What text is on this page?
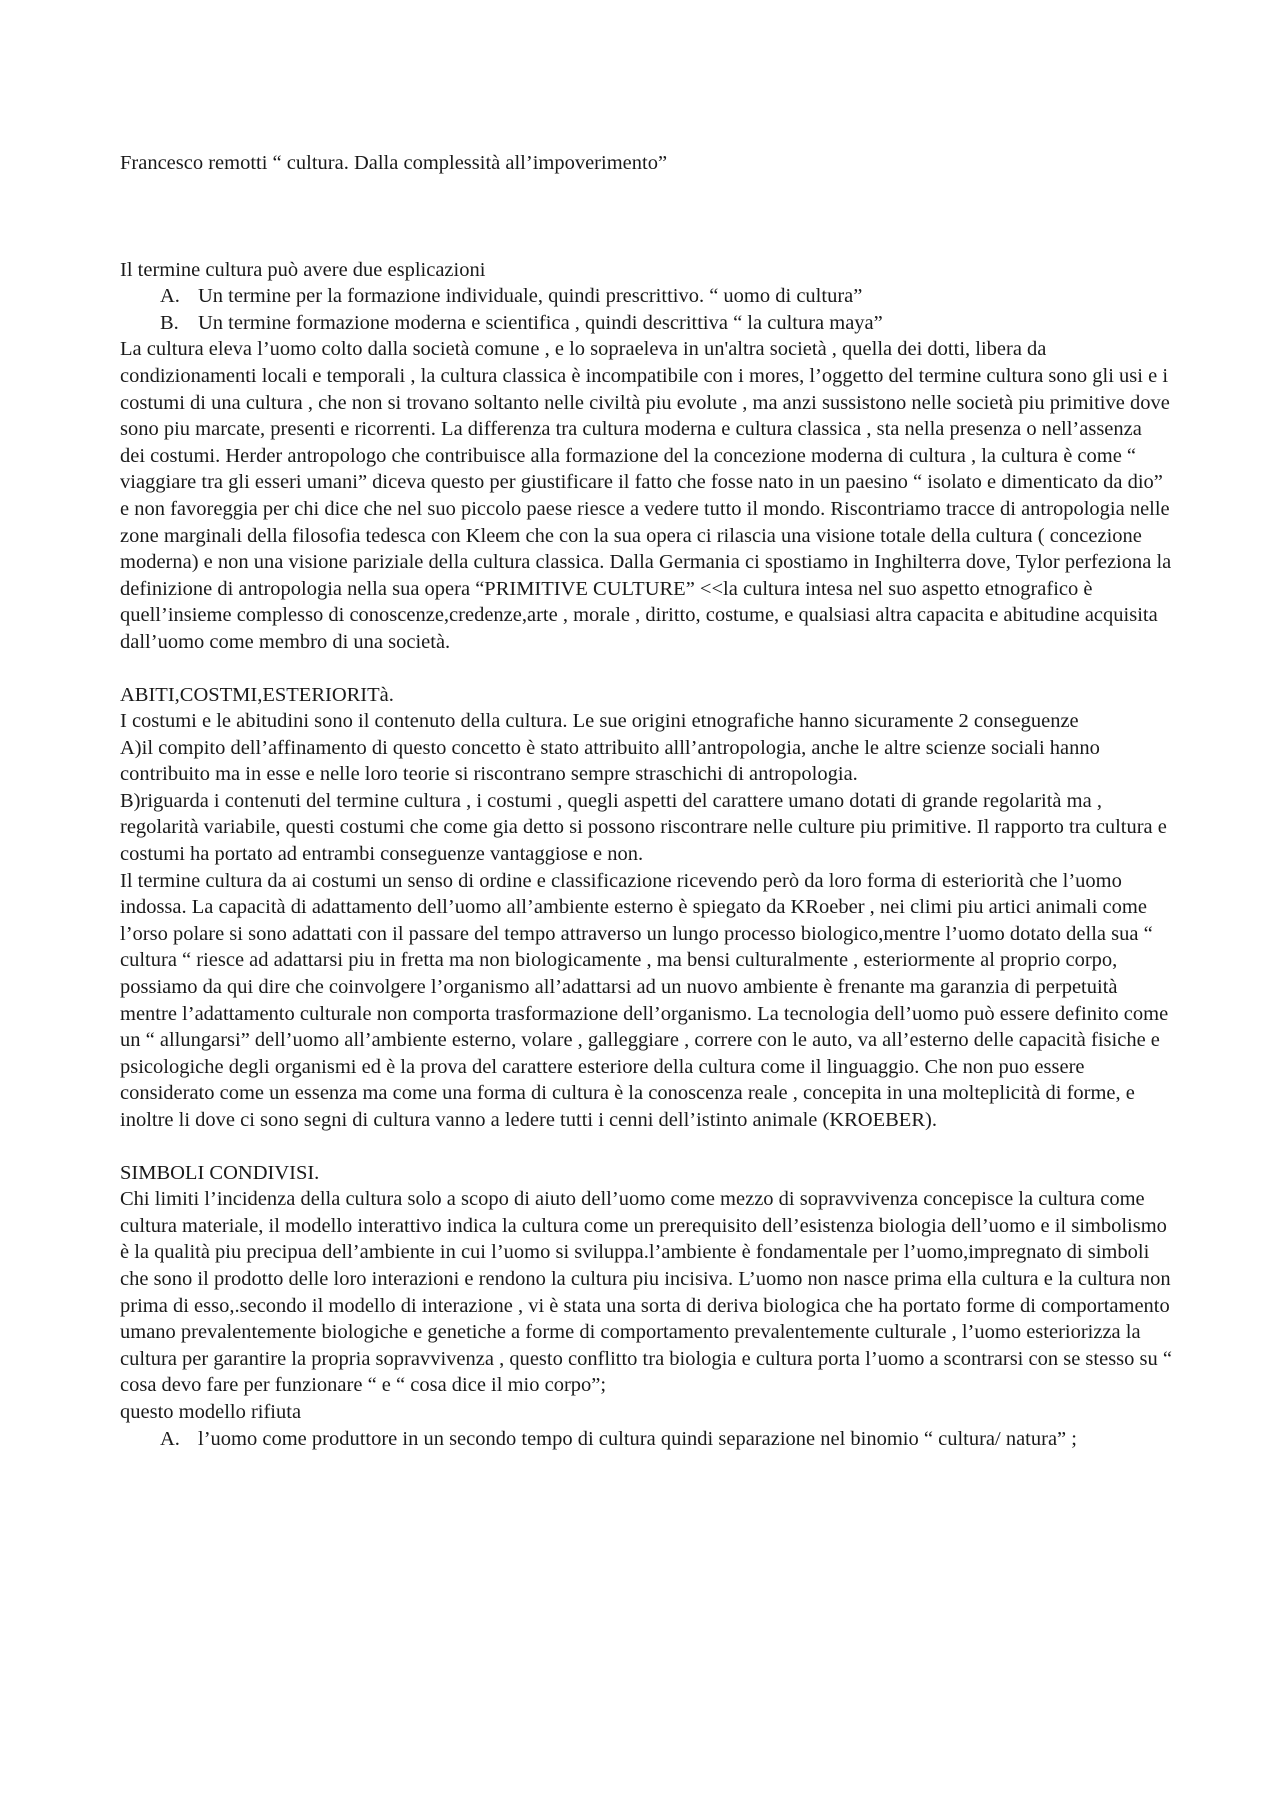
Francesco remotti “ cultura. Dalla complessità all’impoverimento”

Il termine cultura può avere due esplicazioni

A. Un termine per la formazione individuale, quindi prescrittivo. “ uomo di cultura”
B. Un termine formazione moderna e scientifica , quindi descrittiva “ la cultura maya”

La cultura eleva l’uomo colto dalla società comune , e lo sopraeleva in un'altra società , quella dei dotti, libera da condizionamenti locali e temporali , la cultura classica è incompatibile con i mores, l’oggetto del termine cultura sono gli usi e i costumi di una cultura , che non si trovano soltanto nelle civiltà piu evolute , ma anzi sussistono nelle società piu primitive dove sono piu marcate, presenti e ricorrenti. La differenza tra cultura moderna e cultura classica , sta nella presenza o nell’assenza dei costumi. Herder antropologo che contribuisce alla formazione del la concezione moderna di cultura , la cultura è come “ viaggiare tra gli esseri umani” diceva questo per giustificare il fatto che fosse nato in un paesino “ isolato e dimenticato da dio” e non favoreggia per chi dice che nel suo piccolo paese riesce a vedere tutto il mondo. Riscontriamo tracce di antropologia nelle zone marginali della filosofia tedesca con Kleem che con la sua opera ci rilascia una visione totale della cultura ( concezione moderna) e non una visione pariziale della cultura classica. Dalla Germania ci spostiamo in Inghilterra dove, Tylor perfeziona la definizione di antropologia nella sua opera “PRIMITIVE CULTURE” <<la cultura intesa nel suo aspetto etnografico è quell’insieme complesso di conoscenze,credenze,arte , morale , diritto, costume, e qualsiasi altra capacita e abitudine acquisita dall’uomo come membro di una società.

ABITI,COSTMI,ESTERIORITà.

I costumi e le abitudini sono il contenuto della cultura. Le sue origini etnografiche hanno sicuramente 2 conseguenze

A)il compito dell’affinamento di questo concetto è stato attribuito alll’antropologia, anche le altre scienze sociali hanno contribuito ma in esse e nelle loro teorie si riscontrano sempre straschichi di antropologia.

B)riguarda i contenuti del termine cultura , i costumi , quegli aspetti del carattere umano dotati di grande regolarità ma , regolarità variabile, questi costumi che come gia detto si possono riscontrare nelle culture piu primitive. Il rapporto tra cultura e costumi ha portato ad entrambi conseguenze vantaggiose e non.

Il termine cultura da ai costumi un senso di ordine e classificazione ricevendo però da loro forma di esteriorità che l’uomo indossa. La capacità di adattamento dell’uomo all’ambiente esterno è spiegato da KRoeber , nei climi piu artici animali come l’orso polare si sono adattati con il passare del tempo attraverso un lungo processo biologico,mentre l’uomo dotato della sua “ cultura “ riesce ad adattarsi piu in fretta ma non biologicamente , ma bensi culturalmente , esteriormente al proprio corpo, possiamo da qui dire che coinvolgere l’organismo all’adattarsi ad un nuovo ambiente è frenante ma garanzia di perpetuità mentre l’adattamento culturale non comporta trasformazione dell’organismo. La tecnologia dell’uomo può essere definito come un “ allungarsi” dell’uomo all’ambiente esterno, volare , galleggiare , correre con le auto, va all’esterno delle capacità fisiche e psicologiche degli organismi ed è la prova del carattere esteriore della cultura come il linguaggio. Che non puo essere considerato come un essenza ma come una forma di cultura è la conoscenza reale , concepita in una molteplicità di forme, e inoltre li dove ci sono segni di cultura vanno a ledere tutti i cenni dell’istinto animale (KROEBER).

SIMBOLI CONDIVISI.

Chi limiti l’incidenza della cultura solo a scopo di aiuto dell’uomo come mezzo di sopravvivenza concepisce la cultura come cultura materiale, il modello interattivo indica la cultura come un prerequisito dell’esistenza biologia dell’uomo e il simbolismo è la qualità piu precipua dell’ambiente in cui l’uomo si sviluppa.l’ambiente è fondamentale per l’uomo,impregnato di simboli che sono il prodotto delle loro interazioni e rendono la cultura piu incisiva. L’uomo non nasce prima ella cultura e la cultura non prima di esso,.secondo il modello di interazione , vi è stata una sorta di deriva biologica che ha portato forme di comportamento umano prevalentemente biologiche e genetiche a forme di comportamento prevalentemente culturale , l’uomo esteriorizza la cultura per garantire la propria sopravvivenza , questo conflitto tra biologia e cultura porta l’uomo a scontrarsi con se stesso su “ cosa devo fare per funzionare “ e “ cosa dice il mio corpo”;

questo modello rifiuta

A. l’uomo come produttore in un secondo tempo di cultura quindi separazione nel binomio “ cultura/ natura” ;
